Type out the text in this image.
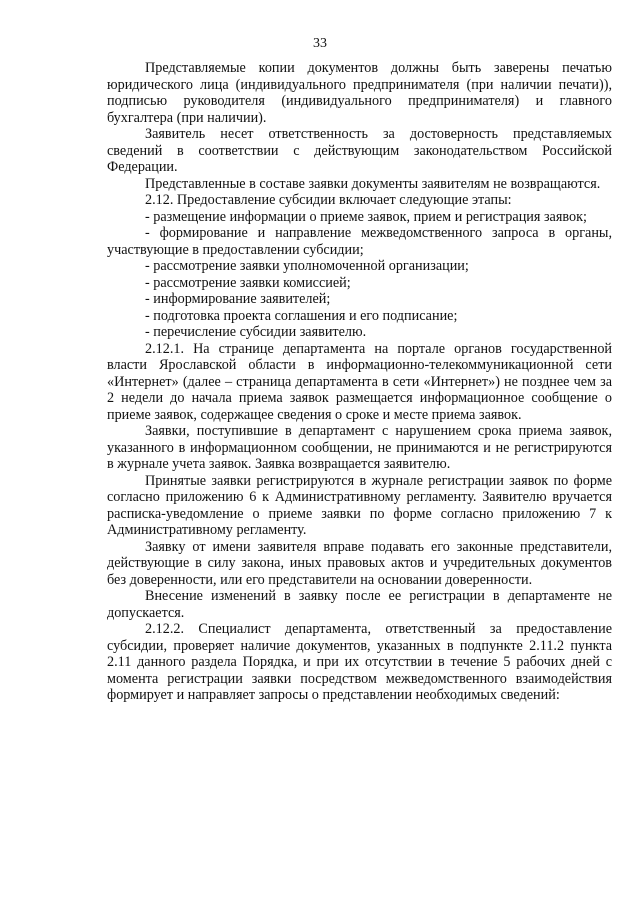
33

Представляемые копии документов должны быть заверены печатью юридического лица (индивидуального предпринимателя (при наличии печати)), подписью руководителя (индивидуального предпринимателя) и главного бухгалтера (при наличии).

Заявитель несет ответственность за достоверность представляемых сведений в соответствии с действующим законодательством Российской Федерации.

Представленные в составе заявки документы заявителям не возвращаются.

2.12. Предоставление субсидии включает следующие этапы:

- размещение информации о приеме заявок, прием и регистрация заявок;

- формирование и направление межведомственного запроса в органы, участвующие в предоставлении субсидии;

- рассмотрение заявки уполномоченной организации;

- рассмотрение заявки комиссией;

- информирование заявителей;

- подготовка проекта соглашения и его подписание;

- перечисление субсидии заявителю.

2.12.1. На странице департамента на портале органов государственной власти Ярославской области в информационно-телекоммуникационной сети «Интернет» (далее – страница департамента в сети «Интернет») не позднее чем за 2 недели до начала приема заявок размещается информационное сообщение о приеме заявок, содержащее сведения о сроке и месте приема заявок.

Заявки, поступившие в департамент с нарушением срока приема заявок, указанного в информационном сообщении, не принимаются и не регистрируются в журнале учета заявок. Заявка возвращается заявителю.

Принятые заявки регистрируются в журнале регистрации заявок по форме согласно приложению 6 к Административному регламенту. Заявителю вручается расписка-уведомление о приеме заявки по форме согласно приложению 7 к Административному регламенту.

Заявку от имени заявителя вправе подавать его законные представители, действующие в силу закона, иных правовых актов и учредительных документов без доверенности, или его представители на основании доверенности.

Внесение изменений в заявку после ее регистрации в департаменте не допускается.

2.12.2. Специалист департамента, ответственный за предоставление субсидии, проверяет наличие документов, указанных в подпункте 2.11.2 пункта 2.11 данного раздела Порядка, и при их отсутствии в течение 5 рабочих дней с момента регистрации заявки посредством межведомственного взаимодействия формирует и направляет запросы о представлении необходимых сведений:
